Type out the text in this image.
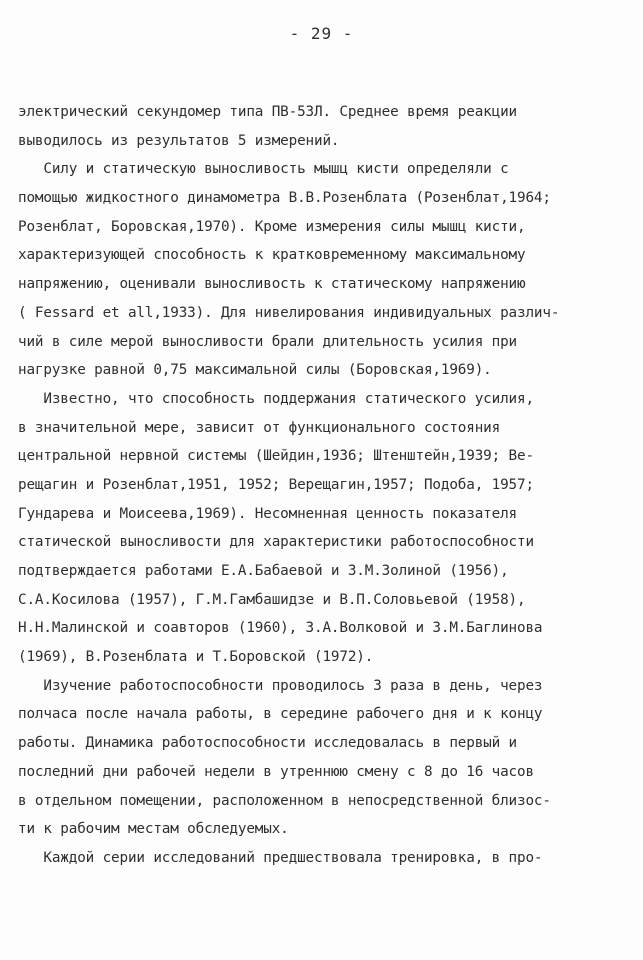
- 29 -
электрический секундомер типа ПВ-53Л. Среднее время реакции
выводилось из результатов 5 измерений.
Силу и статическую выносливость мышц кисти определяли с
помощью жидкостного динамометра В.В.Розенблата (Розенблат,1964;
Розенблат, Боровская,1970). Кроме измерения силы мышц кисти,
характеризующей способность к кратковременному максимальному
напряжению, оценивали выносливость к статическому напряжению
( Fessard et all,1933). Для нивелирования индивидуальных различ-
чий в силе мерой выносливости брали длительность усилия при
нагрузке равной 0,75 максимальной силы (Боровская,1969).
Известно, что способность поддержания статического усилия,
в значительной мере, зависит от функционального состояния
центральной нервной системы (Шейдин,1936; Штенштейн,1939; Ве-
рещагин и Розенблат,1951, 1952; Верещагин,1957; Подоба, 1957;
Гундарева и Моисеева,1969). Несомненная ценность показателя
статической выносливости для характеристики работоспособности
подтверждается работами Е.А.Бабаевой и З.М.Золиной (1956),
С.А.Косилова (1957), Г.М.Гамбашидзе и В.П.Соловьевой (1958),
Н.Н.Малинской и соавторов (1960), З.А.Волковой и З.М.Баглинова
(1969), В.Розенблата и Т.Боровской (1972).
Изучение работоспособности проводилось 3 раза в день, через
полчаса после начала работы, в середине рабочего дня и к концу
работы. Динамика работоспособности исследовалась в первый и
последний дни рабочей недели в утреннюю смену с 8 до 16 часов
в отдельном помещении, расположенном в непосредственной близос-
ти к рабочим местам обследуемых.
Каждой серии исследований предшествовала тренировка, в про-
